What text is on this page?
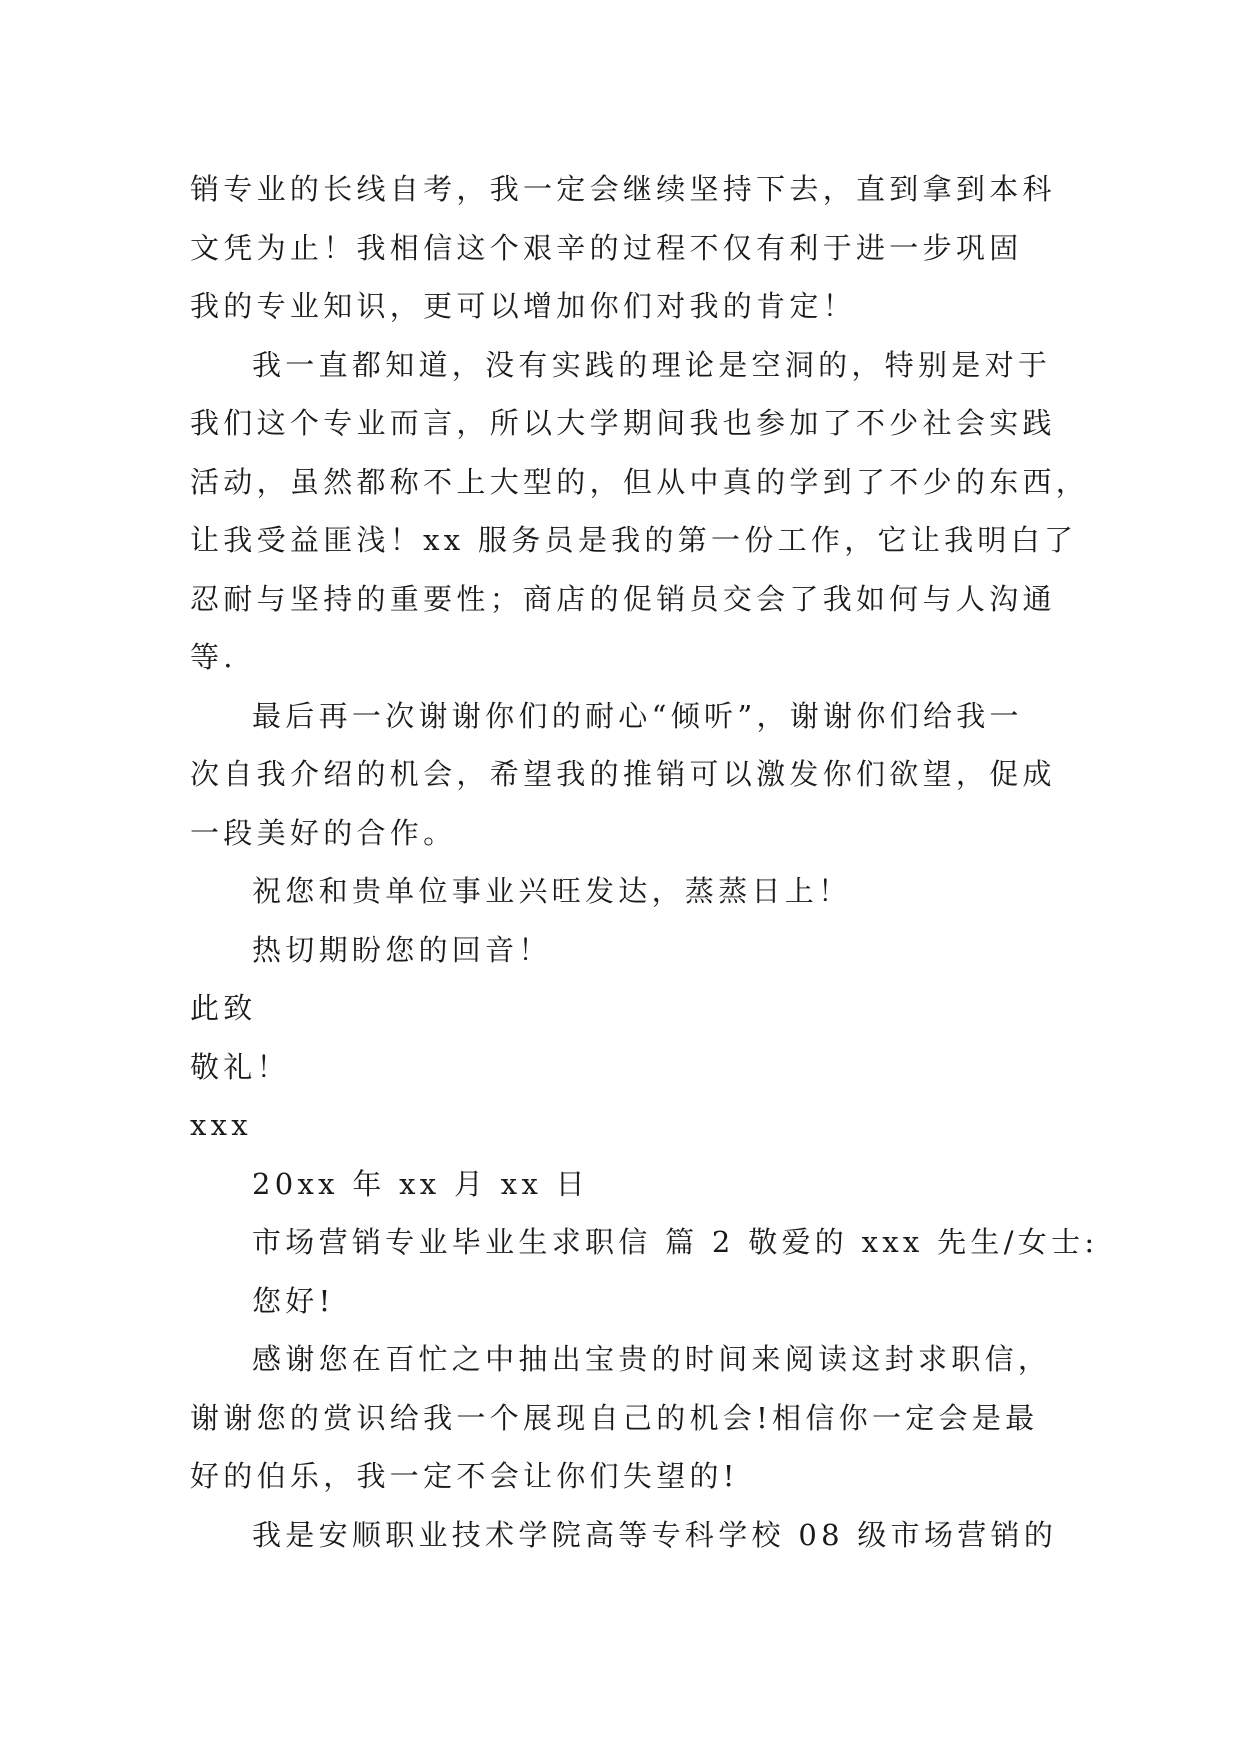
销专业的长线自考，我一定会继续坚持下去，直到拿到本科
文凭为止！我相信这个艰辛的过程不仅有利于进一步巩固
我的专业知识，更可以增加你们对我的肯定！
我一直都知道，没有实践的理论是空洞的，特别是对于
我们这个专业而言，所以大学期间我也参加了不少社会实践
活动，虽然都称不上大型的，但从中真的学到了不少的东西，
让我受益匪浅！xx 服务员是我的第一份工作，它让我明白了
忍耐与坚持的重要性；商店的促销员交会了我如何与人沟通
等.
最后再一次谢谢你们的耐心“倾听”，谢谢你们给我一
次自我介绍的机会，希望我的推销可以激发你们欲望，促成
一段美好的合作。
祝您和贵单位事业兴旺发达，蒸蒸日上！
热切期盼您的回音！
此致
敬礼！
xxx
20xx 年 xx 月 xx 日
市场营销专业毕业生求职信 篇 2 敬爱的 xxx 先生/女士:
您好!
感谢您在百忙之中抽出宝贵的时间来阅读这封求职信，
谢谢您的赏识给我一个展现自己的机会!相信你一定会是最
好的伯乐，我一定不会让你们失望的!
我是安顺职业技术学院高等专科学校 08 级市场营销的
